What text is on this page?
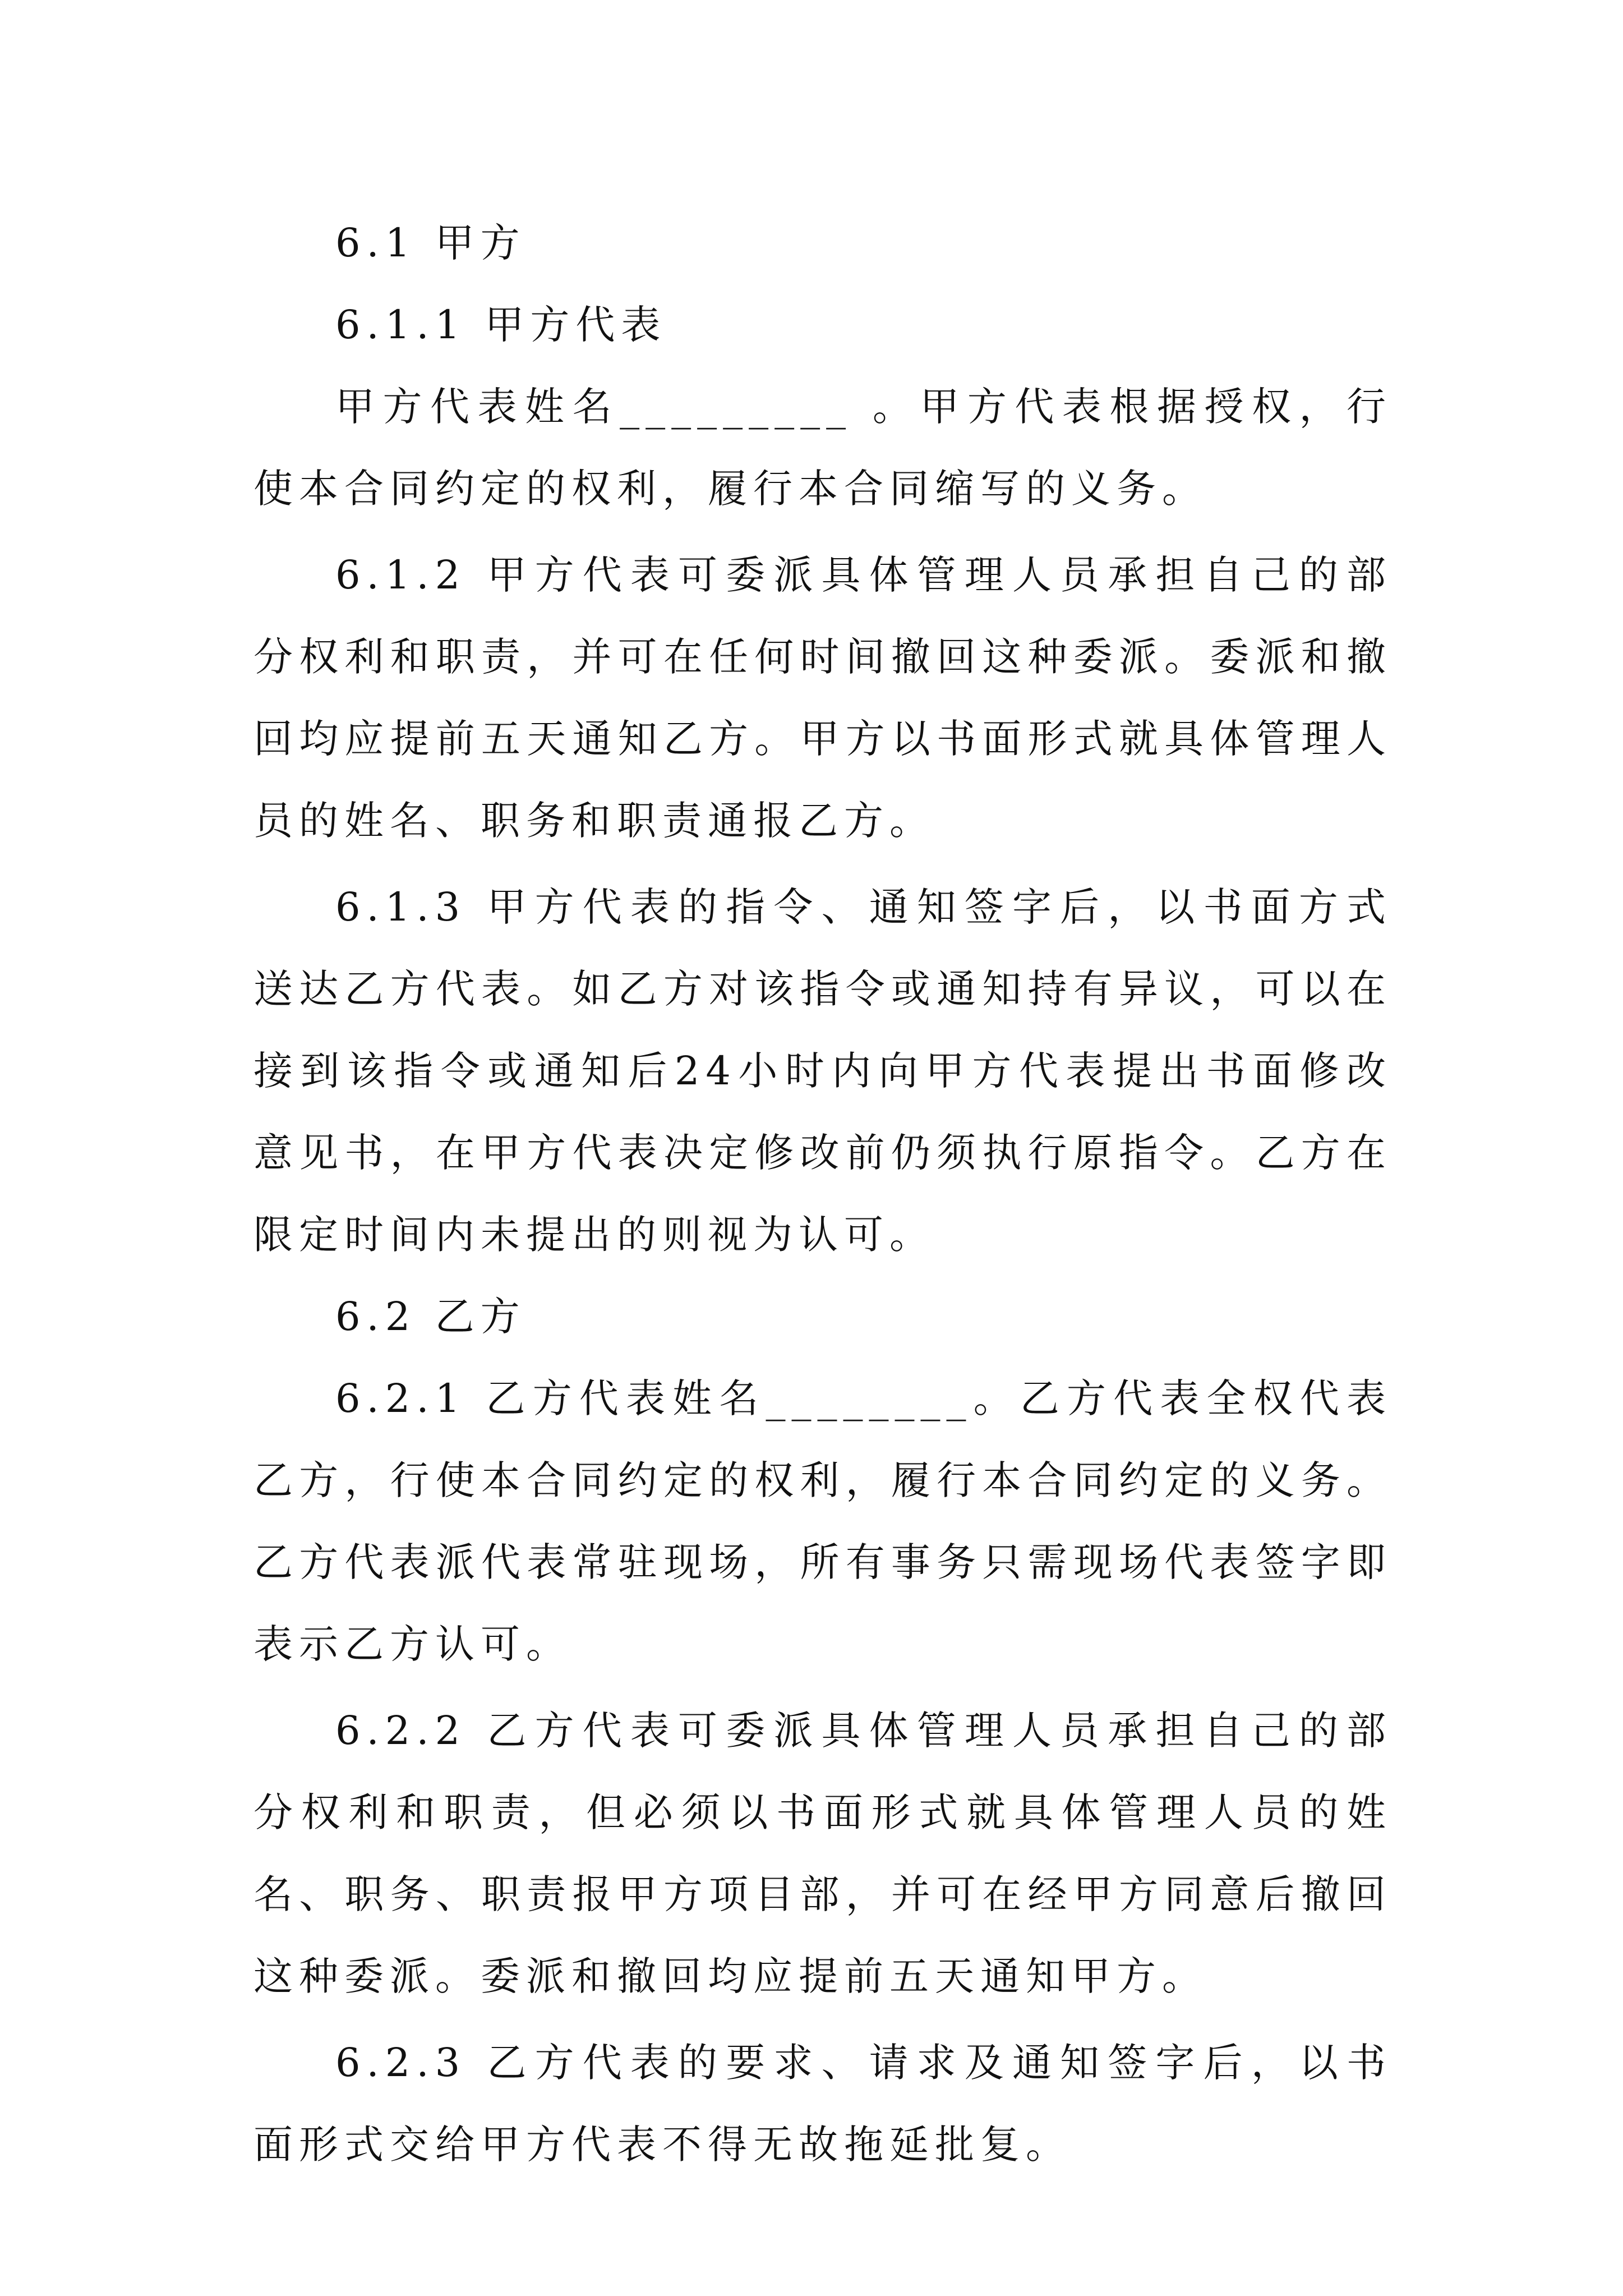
6.1 甲方

6.1.1 甲方代表

甲方代表姓名_________ 。甲方代表根据授权，行使本合同约定的权利，履行本合同缩写的义务。

6.1.2 甲方代表可委派具体管理人员承担自己的部分权利和职责，并可在任何时间撤回这种委派。委派和撤回均应提前五天通知乙方。甲方以书面形式就具体管理人员的姓名、职务和职责通报乙方。

6.1.3 甲方代表的指令、通知签字后，以书面方式送达乙方代表。如乙方对该指令或通知持有异议，可以在接到该指令或通知后24小时内向甲方代表提出书面修改意见书，在甲方代表决定修改前仍须执行原指令。乙方在限定时间内未提出的则视为认可。

6.2 乙方

6.2.1 乙方代表姓名________。乙方代表全权代表乙方，行使本合同约定的权利，履行本合同约定的义务。乙方代表派代表常驻现场，所有事务只需现场代表签字即表示乙方认可。

6.2.2 乙方代表可委派具体管理人员承担自己的部分权利和职责，但必须以书面形式就具体管理人员的姓名、职务、职责报甲方项目部，并可在经甲方同意后撤回这种委派。委派和撤回均应提前五天通知甲方。

6.2.3 乙方代表的要求、请求及通知签字后，以书面形式交给甲方代表不得无故拖延批复。
